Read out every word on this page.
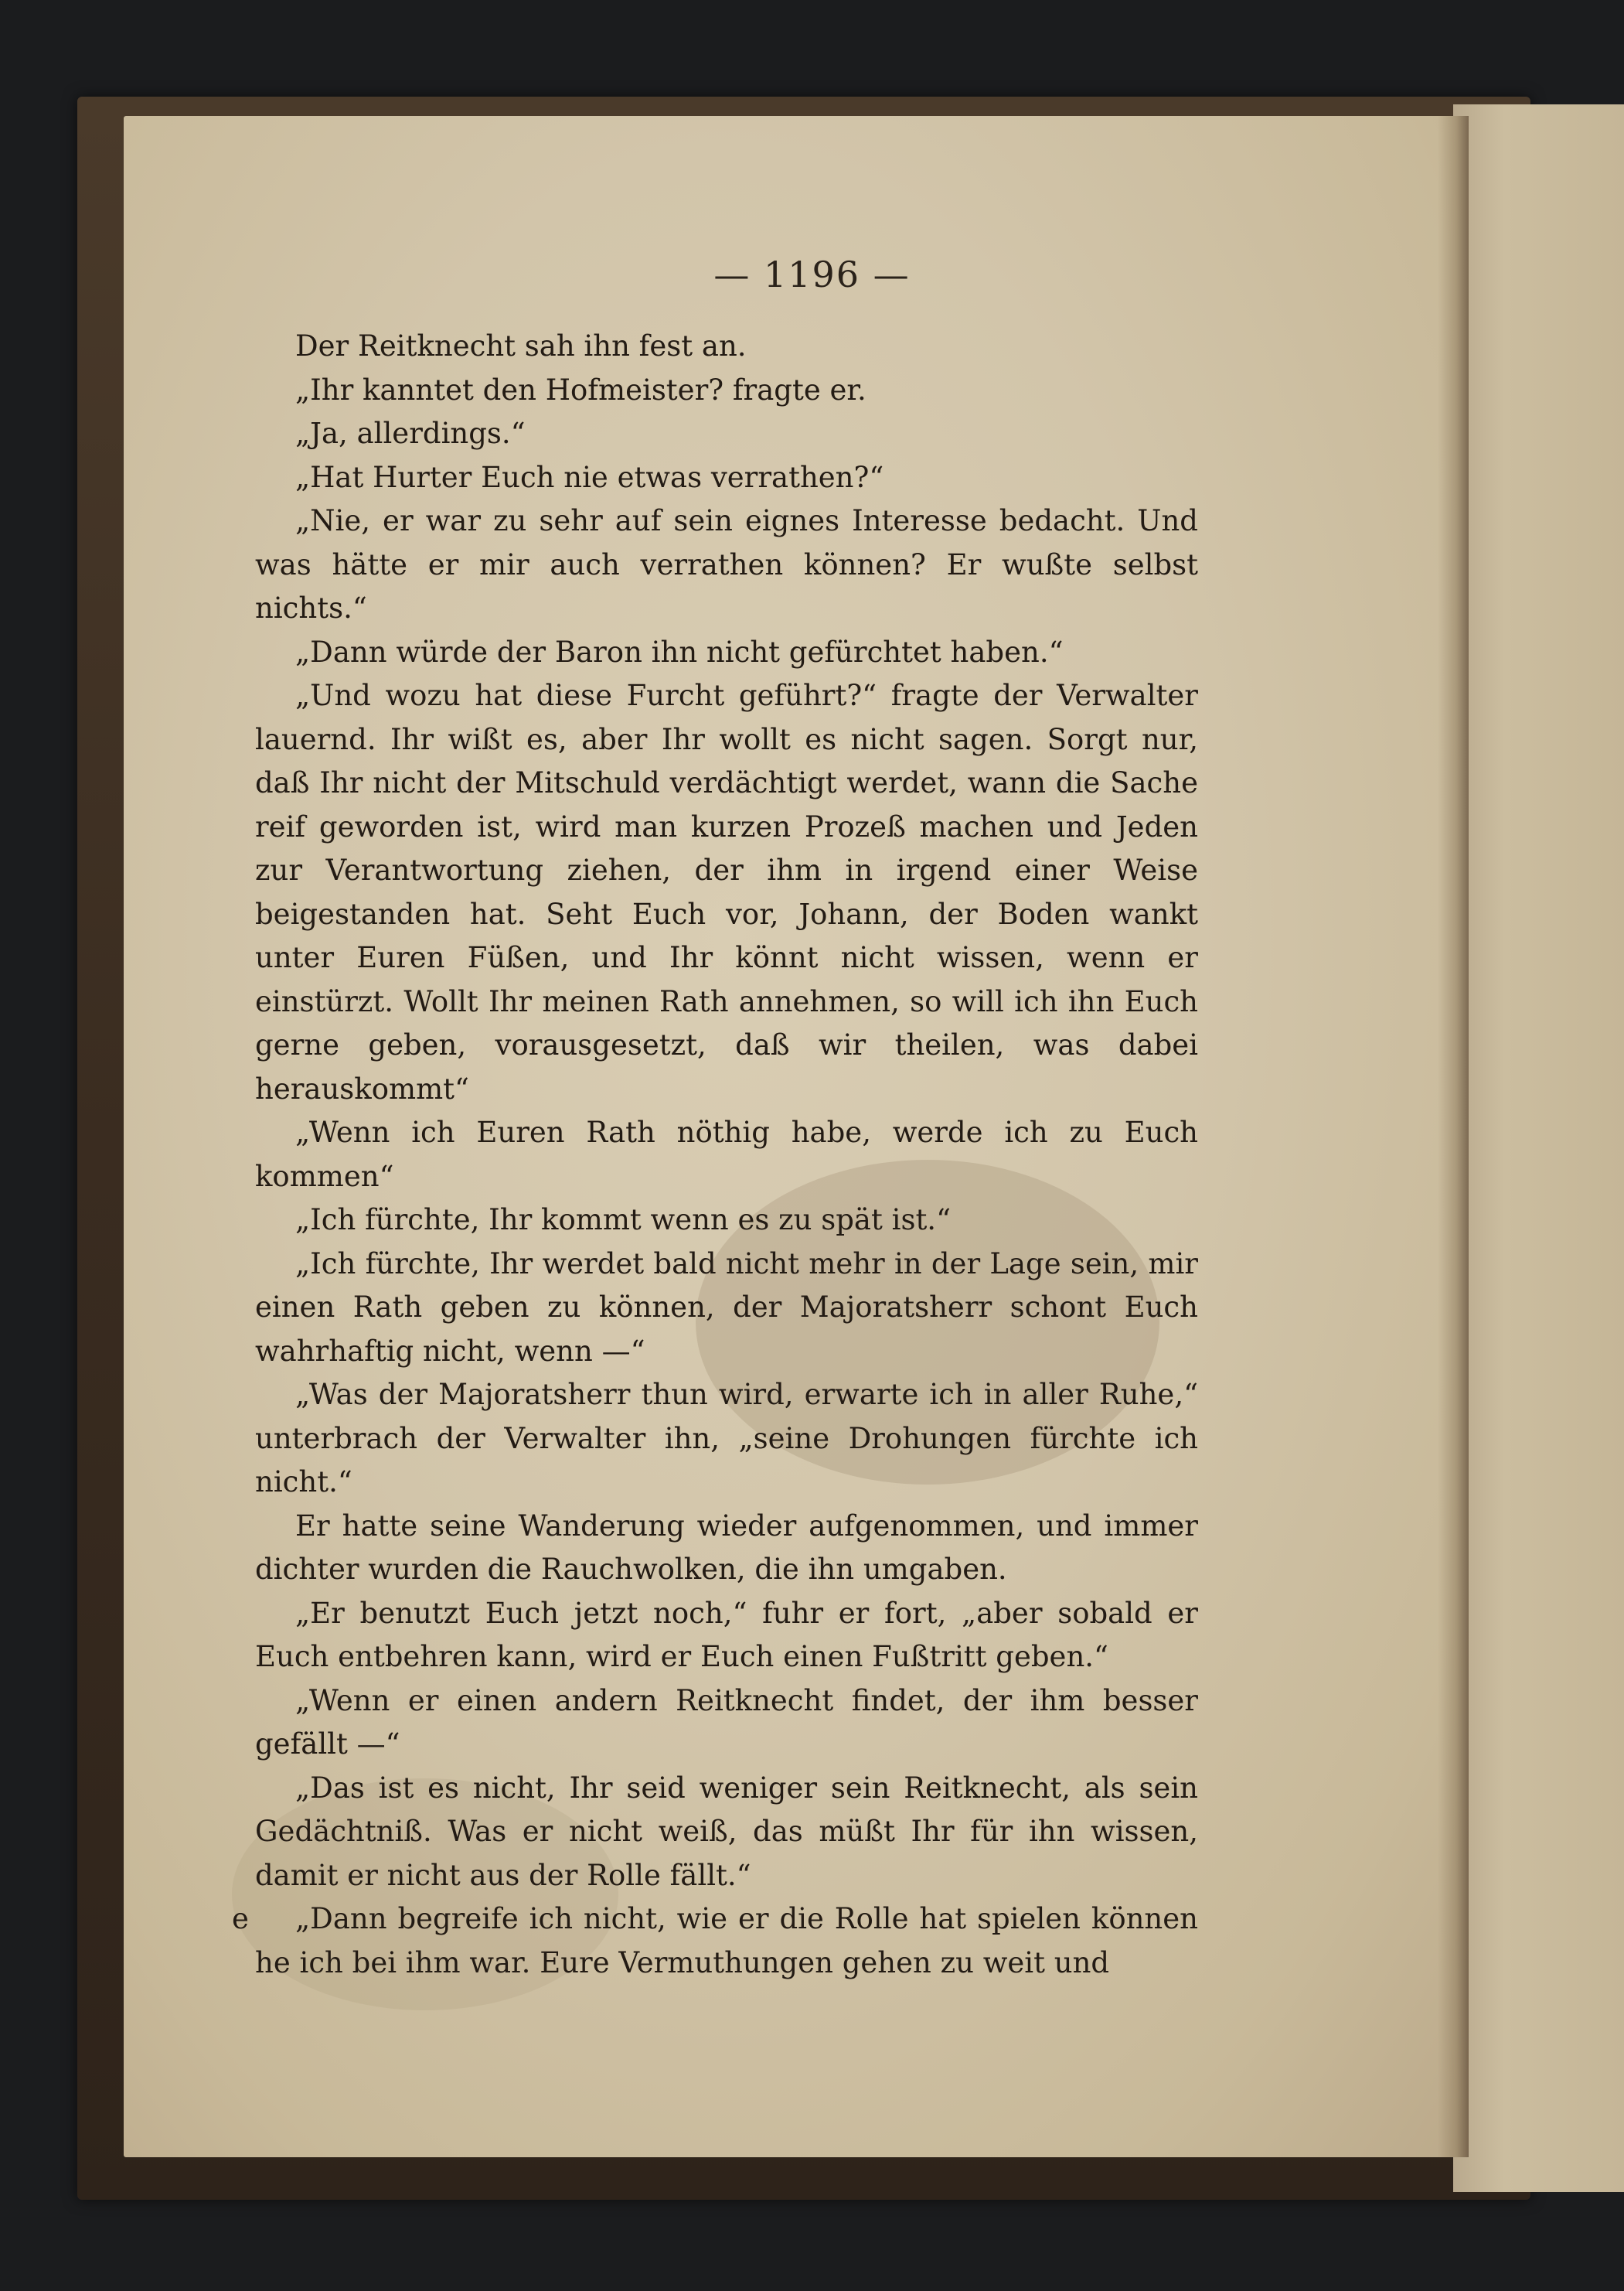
— 1196 —

Der Reitknecht sah ihn fest an.

„Ihr kanntet den Hofmeister? fragte er.

„Ja, allerdings.“

„Hat Hurter Euch nie etwas verrathen?“

„Nie, er war zu sehr auf sein eignes Interesse bedacht. Und was hätte er mir auch verrathen können? Er wußte selbst nichts.“

„Dann würde der Baron ihn nicht gefürchtet haben.“

„Und wozu hat diese Furcht geführt?“ fragte der Verwalter lauernd. Ihr wißt es, aber Ihr wollt es nicht sagen. Sorgt nur, daß Ihr nicht der Mitschuld verdächtigt werdet, wann die Sache reif geworden ist, wird man kurzen Prozeß machen und Jeden zur Verantwortung ziehen, der ihm in irgend einer Weise beigestanden hat. Seht Euch vor, Johann, der Boden wankt unter Euren Füßen, und Ihr könnt nicht wissen, wenn er einstürzt. Wollt Ihr meinen Rath annehmen, so will ich ihn Euch gerne geben, vorausgesetzt, daß wir theilen, was dabei herauskommt“

„Wenn ich Euren Rath nöthig habe, werde ich zu Euch kommen“

„Ich fürchte, Ihr kommt wenn es zu spät ist.“

„Ich fürchte, Ihr werdet bald nicht mehr in der Lage sein, mir einen Rath geben zu können, der Majoratsherr schont Euch wahrhaftig nicht, wenn —“

„Was der Majoratsherr thun wird, erwarte ich in aller Ruhe,“ unterbrach der Verwalter ihn, „seine Drohungen fürchte ich nicht.“

Er hatte seine Wanderung wieder aufgenommen, und immer dichter wurden die Rauchwolken, die ihn umgaben.

„Er benutzt Euch jetzt noch,“ fuhr er fort, „aber sobald er Euch entbehren kann, wird er Euch einen Fußtritt geben.“

„Wenn er einen andern Reitknecht findet, der ihm besser gefällt —“

„Das ist es nicht, Ihr seid weniger sein Reitknecht, als sein Gedächtniß. Was er nicht weiß, das müßt Ihr für ihn wissen, damit er nicht aus der Rolle fällt.“

e „Dann begreife ich nicht, wie er die Rolle hat spielen können he ich bei ihm war. Eure Vermuthungen gehen zu weit und
